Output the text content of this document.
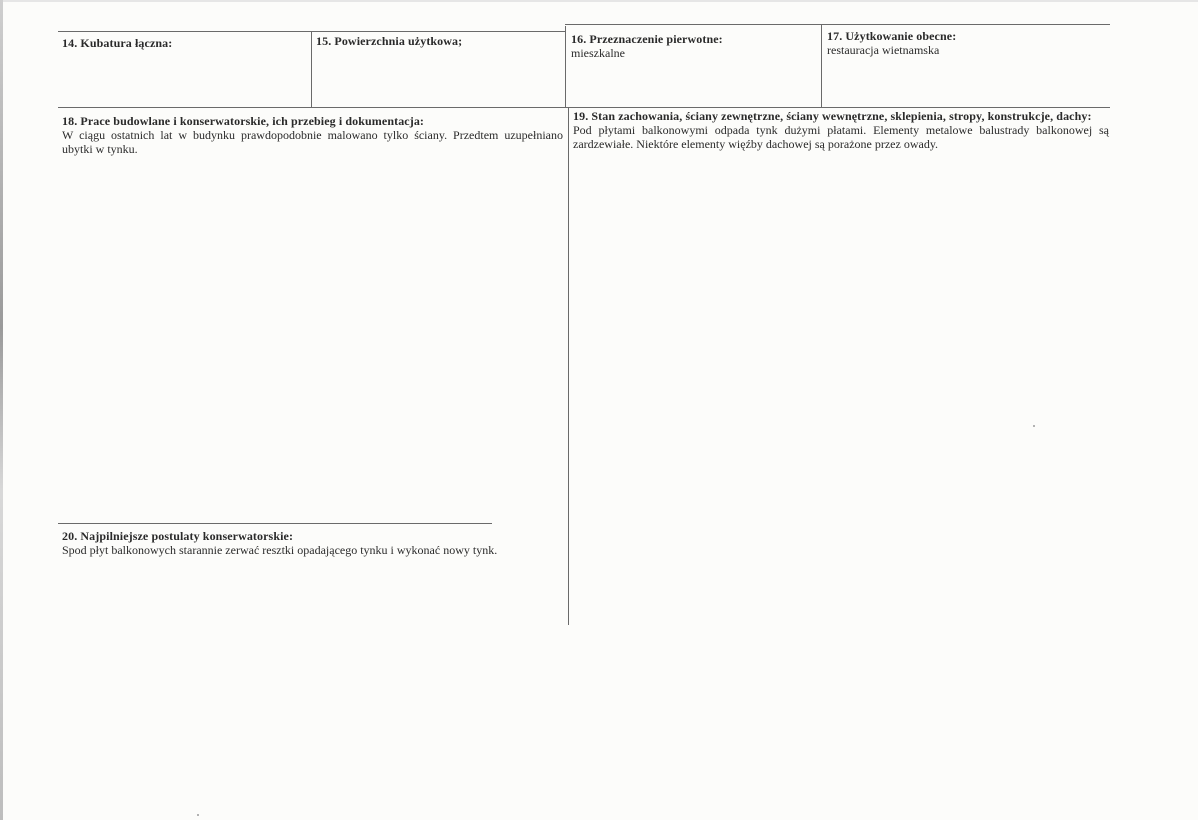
14. Kubatura łączna:	15. Powierzchnia użytkowa;	16. Przeznaczenie pierwotne:
mieszkalne
17. Użytkowanie obecne:
restauracja wietnamska
18. Prace budowlane i konserwatorskie, ich przebieg i dokumentacja:
W ciągu ostatnich lat w budynku prawdopodobnie malowano tylko ściany. Przedtem uzupełniano ubytki w tynku.
19. Stan zachowania, ściany zewnętrzne, ściany wewnętrzne, sklepienia, stropy, konstrukcje, dachy:
Pod płytami balkonowymi odpada tynk dużymi płatami. Elementy metalowe balustrady balkonowej są zardzewiałe. Niektóre elementy więźby dachowej są porażone przez owady.
20. Najpilniejsze postulaty konserwatorskie:
Spod płyt balkonowych starannie zerwać resztki opadającego tynku i wykonać nowy tynk.
